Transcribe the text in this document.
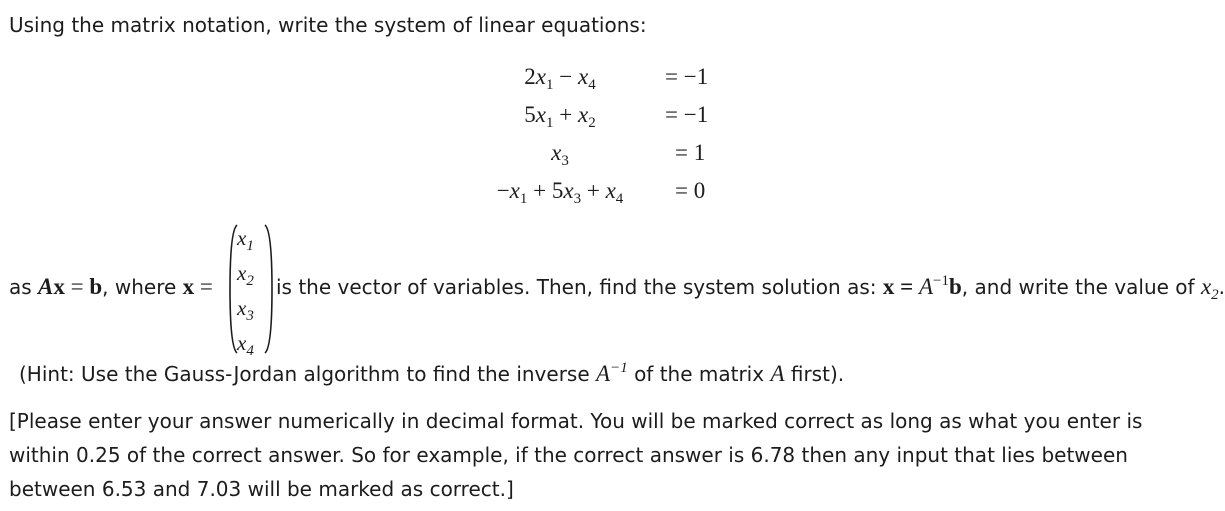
Using the matrix notation, write the system of linear equations:
$2x_1 - x_4$	= −1
$5x_1 + x_2$	= −1
$x_3$	= 1
$-x_1 + 5x_3 + x_4$	= 0
as Ax = b, where x =
$x_1$
$x_2$
$x_3$
$x_4$
is the vector of variables. Then, find the system solution as: $x = A^{-1}b$, and write the value of $x_2$.
(Hint: Use the Gauss-Jordan algorithm to find the inverse $A^{-1}$ of the matrix A first).
[Please enter your answer numerically in decimal format. You will be marked correct as long as what you enter is within 0.25 of the correct answer. So for example, if the correct answer is 6.78 then any input that lies between between 6.53 and 7.03 will be marked as correct.]
